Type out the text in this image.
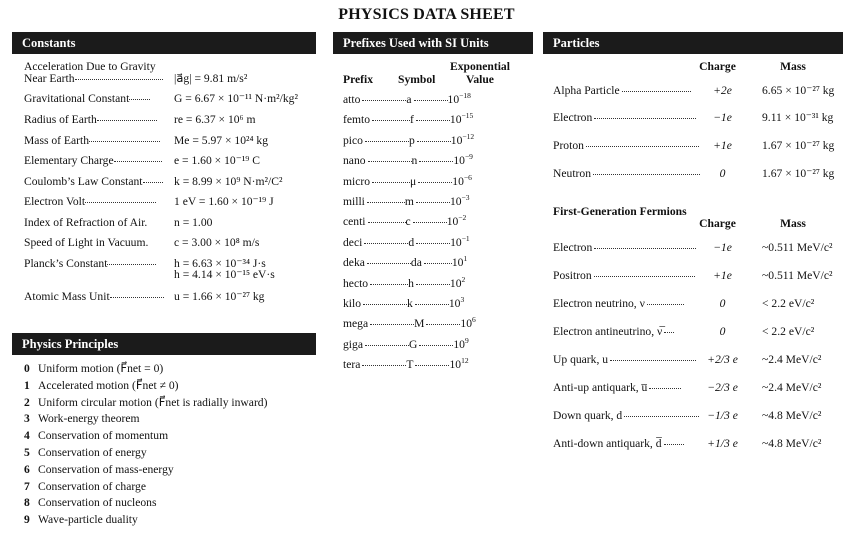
PHYSICS DATA SHEET
Constants
Acceleration Due to Gravity
Near Earth	|a⃗g| = 9.81 m/s²
Gravitational Constant	G = 6.67 × 10⁻¹¹ N·m²/kg²
Radius of Earth	re = 6.37 × 10⁶ m
Mass of Earth	Me = 5.97 × 10²⁴ kg
Elementary Charge	e = 1.60 × 10⁻¹⁹ C
Coulomb’s Law Constant	k = 8.99 × 10⁹ N·m²/C²
Electron Volt	1 eV = 1.60 × 10⁻¹⁹ J
Index of Refraction of Air. n = 1.00
Speed of Light in Vacuum. c = 3.00 × 10⁸ m/s
Planck’s Constant	h = 6.63 × 10⁻³⁴ J·s
h = 4.14 × 10⁻¹⁵ eV·s
Atomic Mass Unit	u = 1.66 × 10⁻²⁷ kg
Physics Principles
0 Uniform motion (F⃗net = 0)
1 Accelerated motion (F⃗net ≠ 0)
2 Uniform circular motion (F⃗net is radially inward)
3 Work-energy theorem
4 Conservation of momentum
5 Conservation of energy
6 Conservation of mass-energy
7 Conservation of charge
8 Conservation of nucleons
9 Wave-particle duality
Prefixes Used with SI Units
Prefix Symbol
Exponential
Value
atto	a	$10^{-18}$
femto	f	$10^{-15}$
pico	p	$10^{-12}$
nano	n	$10^{-9}$
micro	μ	$10^{-6}$
milli	m	$10^{-3}$
centi	c	$10^{-2}$
deci	d	$10^{-1}$
deka	da	$10^1$
hecto	h	$10^2$
kilo	k	$10^3$
mega	M	$10^6$
giga	G	$10^9$
tera	T	$10^{12}$
Particles
Charge	Mass
Alpha Particle	+2e	6.65 × 10⁻²⁷ kg
Electron	−1e	9.11 × 10⁻³¹ kg
Proton	+1e	1.67 × 10⁻²⁷ kg
Neutron	0	1.67 × 10⁻²⁷ kg
First-Generation Fermions
Charge	Mass
Electron	−1e	~0.511 MeV/c²
Positron	+1e	~0.511 MeV/c²
Electron neutrino, ν	0	< 2.2 eV/c²
Electron antineutrino, ν̅	0	< 2.2 eV/c²
Up quark, u	+2/3 e	~2.4 MeV/c²
Anti-up antiquark, u̅	−2/3 e	~2.4 MeV/c²
Down quark, d	−1/3 e	~4.8 MeV/c²
Anti-down antiquark, d̅	+1/3 e	~4.8 MeV/c²
